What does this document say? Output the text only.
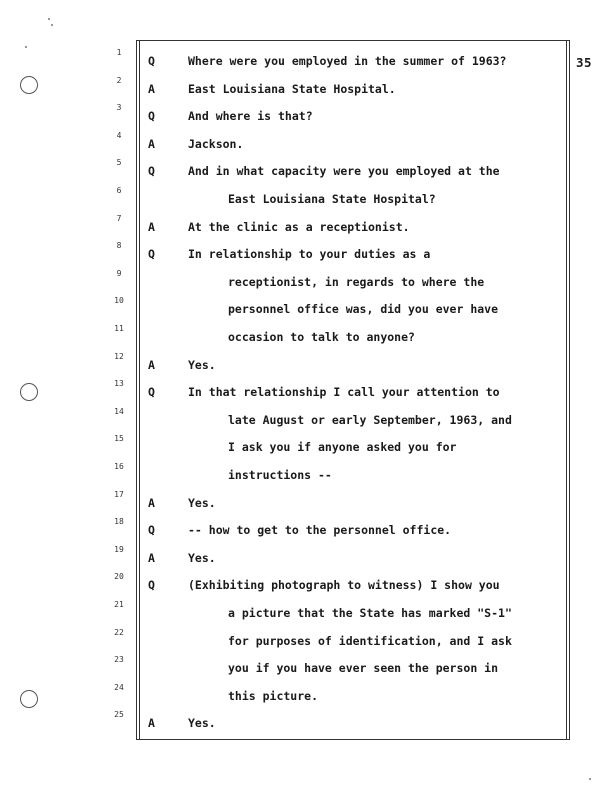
35
1
Q	Where were you employed in the summer of 1963?
2
A	East Louisiana State Hospital.
3
Q	And where is that?
4
A	Jackson.
5
Q	And in what capacity were you employed at the
6
East Louisiana State Hospital?
7
A	At the clinic as a receptionist.
8
Q	In relationship to your duties as a
9
receptionist, in regards to where the
10
personnel office was, did you ever have
11
occasion to talk to anyone?
12
A	Yes.
13
Q	In that relationship I call your attention to
14
late August or early September, 1963, and
15
I ask you if anyone asked you for
16
instructions --
17
A	Yes.
18
Q	-- how to get to the personnel office.
19
A	Yes.
20
Q	(Exhibiting photograph to witness) I show you
21
a picture that the State has marked "S-1"
22
for purposes of identification, and I ask
23
you if you have ever seen the person in
24
this picture.
25
A	Yes.
